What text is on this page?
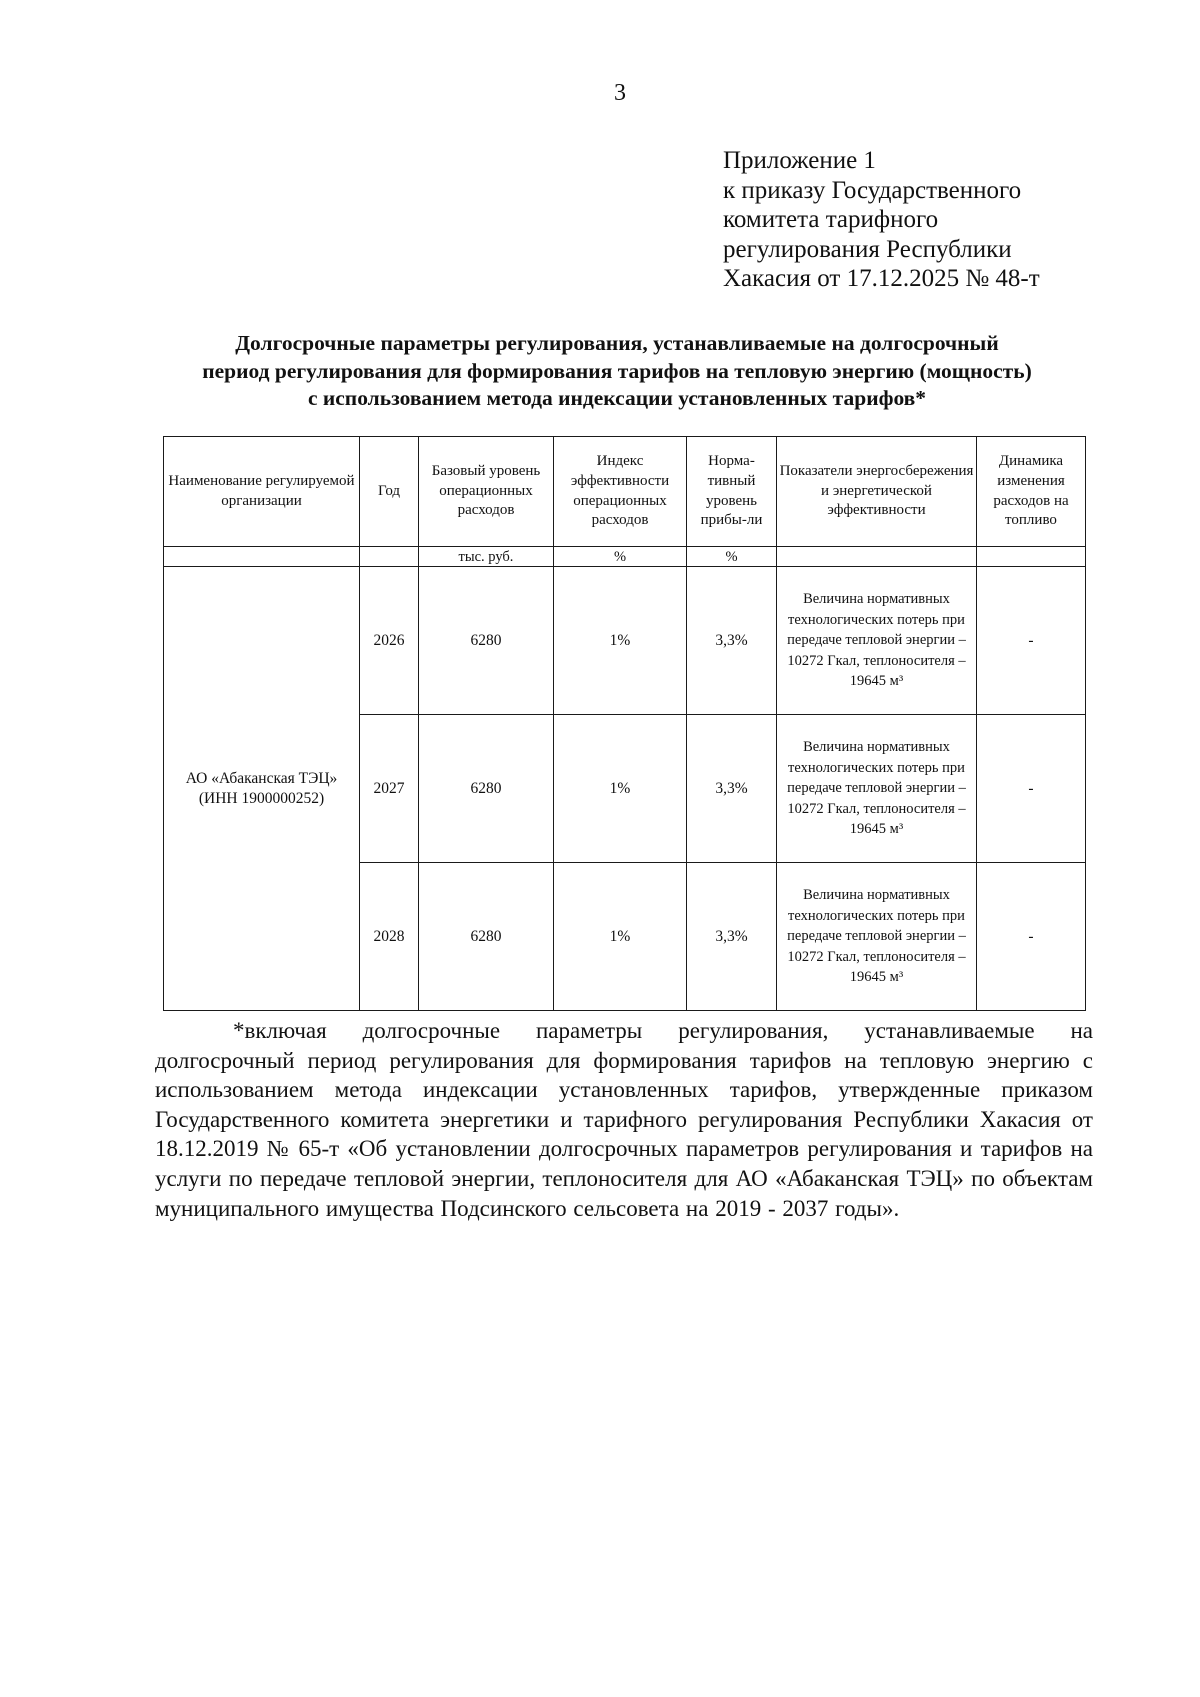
3
Приложение 1
к приказу Государственного
комитета тарифного
регулирования Республики
Хакасия от 17.12.2025 № 48-т
Долгосрочные параметры регулирования, устанавливаемые на долгосрочный
период регулирования для формирования тарифов на тепловую энергию (мощность)
с использованием метода индексации установленных тарифов*
Наименование регулируемой организации	Год	Базовый уровень операционных расходов	Индекс эффективности операционных расходов	Норма-тивный уровень прибы-ли	Показатели энергосбережения и энергетической эффективности	Динамика изменения расходов на топливо
		тыс. руб.	%	%		
АО «Абаканская ТЭЦ» (ИНН 1900000252)	2026	6280	1%	3,3%	Величина нормативных технологических потерь при передаче тепловой энергии – 10272 Гкал, теплоносителя – 19645 м³	-
	2027	6280	1%	3,3%	Величина нормативных технологических потерь при передаче тепловой энергии – 10272 Гкал, теплоносителя – 19645 м³	-
	2028	6280	1%	3,3%	Величина нормативных технологических потерь при передаче тепловой энергии – 10272 Гкал, теплоносителя – 19645 м³	-
*включая долгосрочные параметры регулирования, устанавливаемые на долгосрочный период регулирования для формирования тарифов на тепловую энергию с использованием метода индексации установленных тарифов, утвержденные приказом Государственного комитета энергетики и тарифного регулирования Республики Хакасия от 18.12.2019 № 65-т «Об установлении долгосрочных параметров регулирования и тарифов на услуги по передаче тепловой энергии, теплоносителя для АО «Абаканская ТЭЦ» по объектам муниципального имущества Подсинского сельсовета на 2019 - 2037 годы».
